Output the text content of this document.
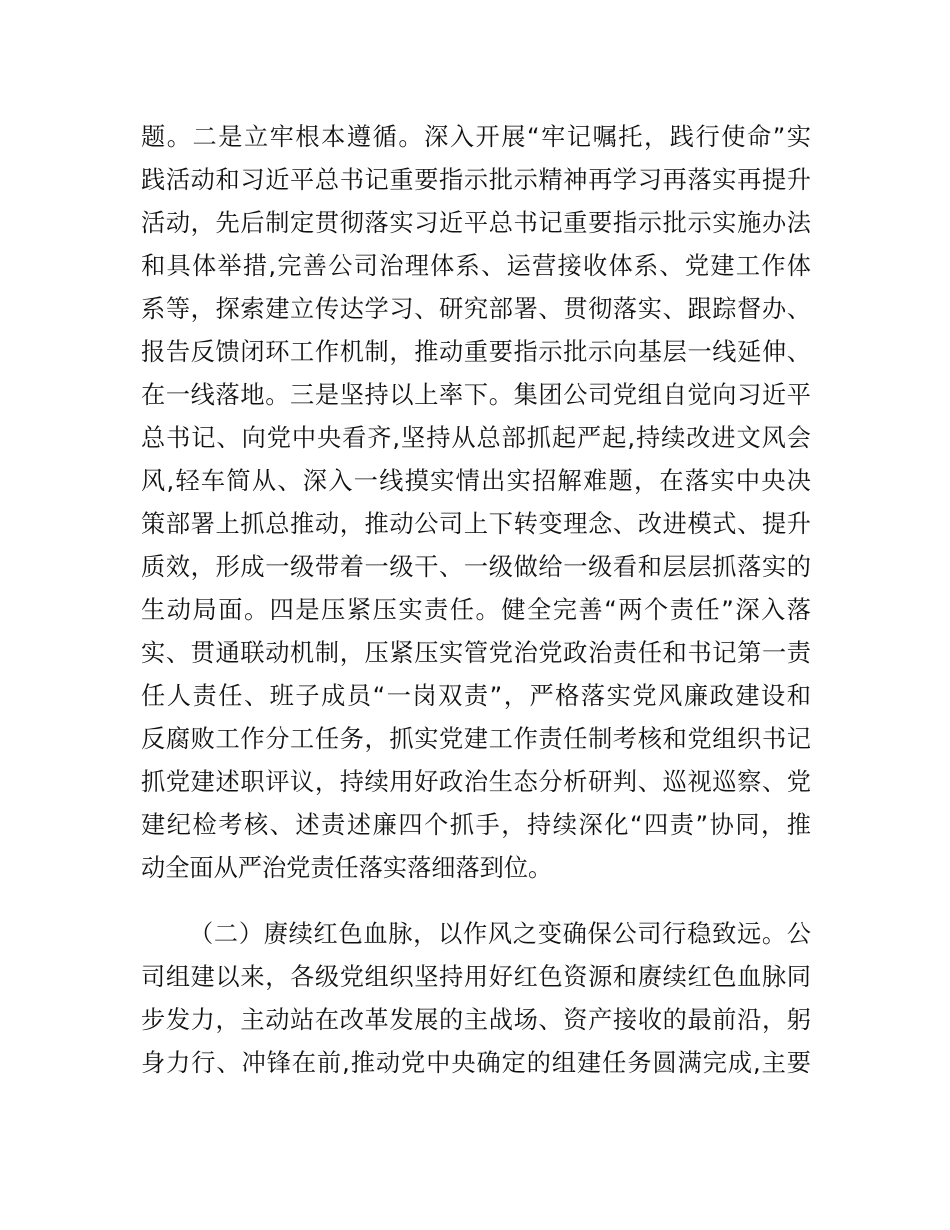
题。二是立牢根本遵循。深入开展“牢记嘱托，践行使命”实
践活动和习近平总书记重要指示批示精神再学习再落实再提升
活动，先后制定贯彻落实习近平总书记重要指示批示实施办法
和具体举措,完善公司治理体系、运营接收体系、党建工作体
系等，探索建立传达学习、研究部署、贯彻落实、跟踪督办、
报告反馈闭环工作机制，推动重要指示批示向基层一线延伸、
在一线落地。三是坚持以上率下。集团公司党组自觉向习近平
总书记、向党中央看齐,坚持从总部抓起严起,持续改进文风会
风,轻车简从、深入一线摸实情出实招解难题，在落实中央决
策部署上抓总推动，推动公司上下转变理念、改进模式、提升
质效，形成一级带着一级干、一级做给一级看和层层抓落实的
生动局面。四是压紧压实责任。健全完善“两个责任”深入落
实、贯通联动机制，压紧压实管党治党政治责任和书记第一责
任人责任、班子成员“一岗双责”，严格落实党风廉政建设和
反腐败工作分工任务，抓实党建工作责任制考核和党组织书记
抓党建述职评议，持续用好政治生态分析研判、巡视巡察、党
建纪检考核、述责述廉四个抓手，持续深化“四责”协同，推
动全面从严治党责任落实落细落到位。
（二）赓续红色血脉，以作风之变确保公司行稳致远。公
司组建以来，各级党组织坚持用好红色资源和赓续红色血脉同
步发力，主动站在改革发展的主战场、资产接收的最前沿，躬
身力行、冲锋在前,推动党中央确定的组建任务圆满完成,主要
